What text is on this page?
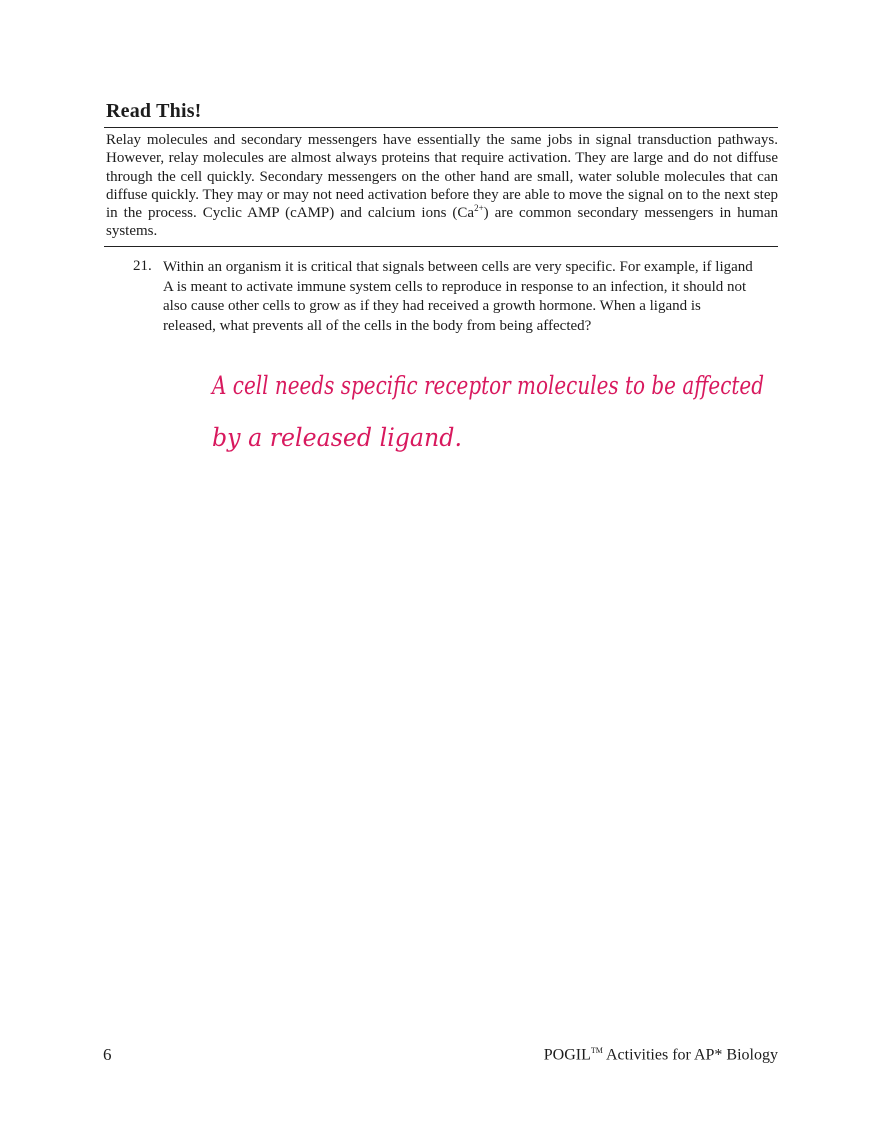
Read This!
Relay molecules and secondary messengers have essentially the same jobs in signal transduction pathways. However, relay molecules are almost always proteins that require activation. They are large and do not diffuse through the cell quickly. Secondary messengers on the other hand are small, water soluble molecules that can diffuse quickly. They may or may not need activation before they are able to move the signal on to the next step in the process. Cyclic AMP (cAMP) and calcium ions $(Ca^{2+})$ are common secondary messengers in human systems.
21. Within an organism it is critical that signals between cells are very specific. For example, if ligand A is meant to activate immune system cells to reproduce in response to an infection, it should not also cause other cells to grow as if they had received a growth hormone. When a ligand is released, what prevents all of the cells in the body from being affected?
A cell needs specific receptor molecules to be affected
by a released ligand.
6	POGIL™ Activities for AP* Biology
